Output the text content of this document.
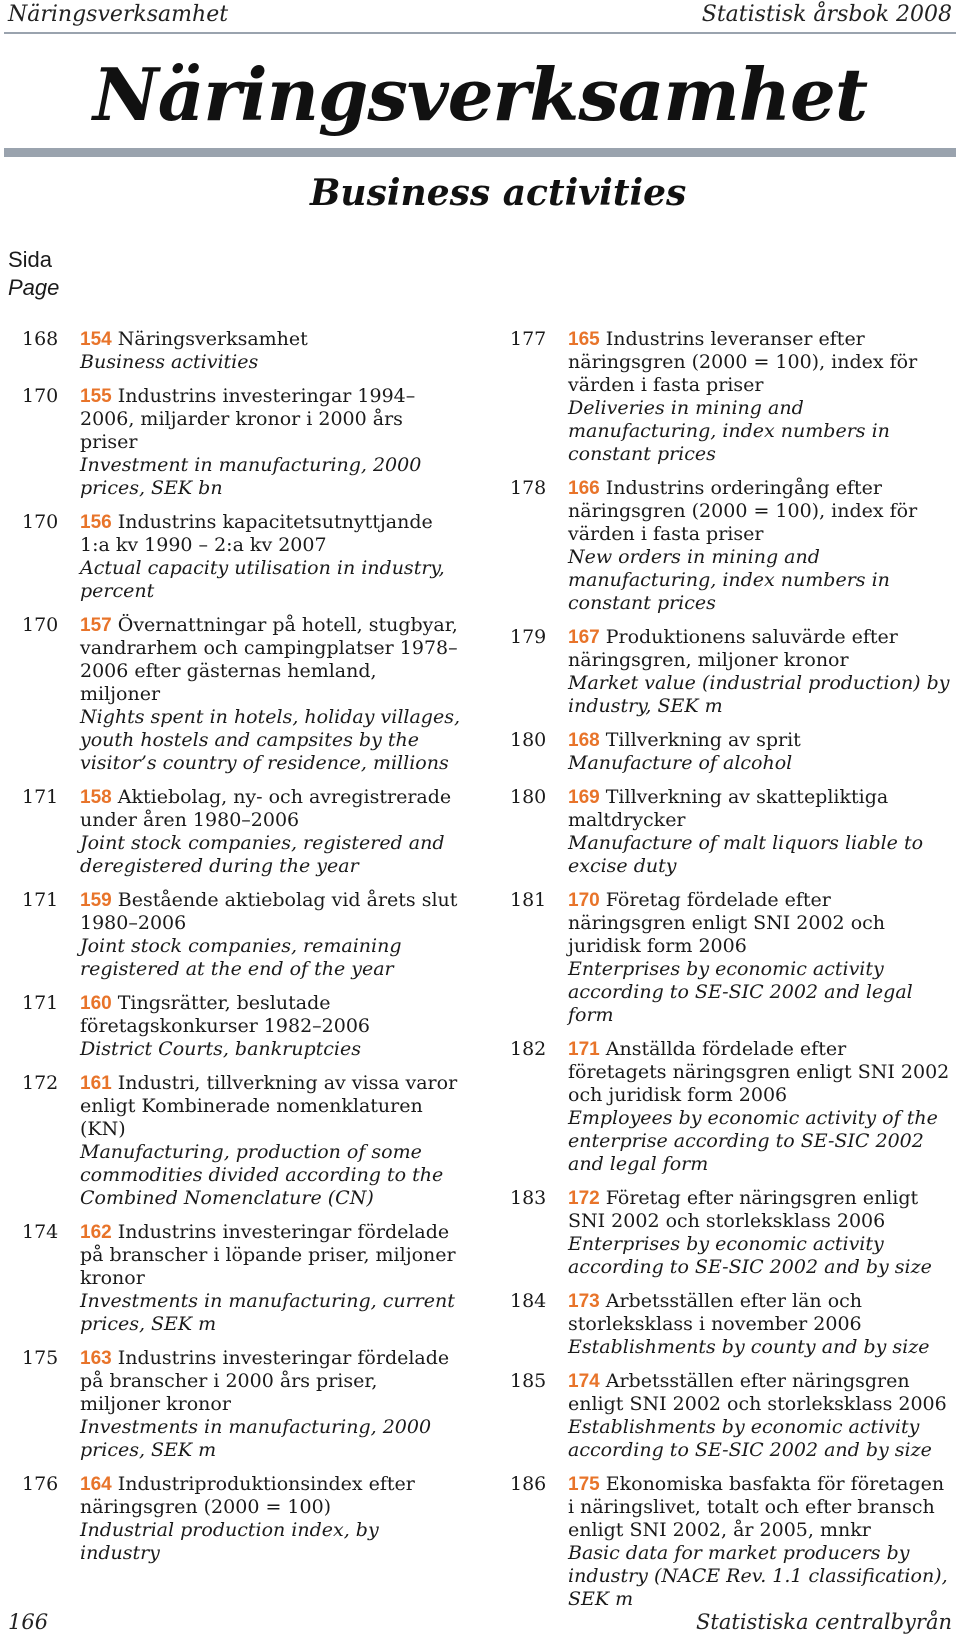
Näringsverksamhet	Statistisk årsbok 2008
Näringsverksamhet
Business activities
Sida
Page
168 154 Näringsverksamhet
Business activities
170 155 Industrins investeringar 1994–2006, miljarder kronor i 2000 års priser
Investment in manufacturing, 2000 prices, SEK bn
170 156 Industrins kapacitetsutnyttjande 1:a kv 1990 – 2:a kv 2007
Actual capacity utilisation in industry, percent
170 157 Övernattningar på hotell, stugbyar, vandrarhem och campingplatser 1978–2006 efter gästernas hemland, miljoner
Nights spent in hotels, holiday villages, youth hostels and campsites by the visitor’s country of residence, millions
171 158 Aktiebolag, ny- och avregistrerade under åren 1980–2006
Joint stock companies, registered and deregistered during the year
171 159 Bestående aktiebolag vid årets slut 1980–2006
Joint stock companies, remaining registered at the end of the year
171 160 Tingsrätter, beslutade företagskonkurser 1982–2006
District Courts, bankruptcies
172 161 Industri, tillverkning av vissa varor enligt Kombinerade nomenklaturen (KN)
Manufacturing, production of some commodities divided according to the Combined Nomenclature (CN)
174 162 Industrins investeringar fördelade på branscher i löpande priser, miljoner kronor
Investments in manufacturing, current prices, SEK m
175 163 Industrins investeringar fördelade på branscher i 2000 års priser, miljoner kronor
Investments in manufacturing, 2000 prices, SEK m
176 164 Industriproduktionsindex efter näringsgren (2000 = 100)
Industrial production index, by industry
177 165 Industrins leveranser efter näringsgren (2000 = 100), index för värden i fasta priser
Deliveries in mining and manufacturing, index numbers in constant prices
178 166 Industrins orderingång efter näringsgren (2000 = 100), index för värden i fasta priser
New orders in mining and manufacturing, index numbers in constant prices
179 167 Produktionens saluvärde efter näringsgren, miljoner kronor
Market value (industrial production) by industry, SEK m
180 168 Tillverkning av sprit
Manufacture of alcohol
180 169 Tillverkning av skattepliktiga maltdrycker
Manufacture of malt liquors liable to excise duty
181 170 Företag fördelade efter näringsgren enligt SNI 2002 och juridisk form 2006
Enterprises by economic activity according to SE-SIC 2002 and legal form
182 171 Anställda fördelade efter företagets näringsgren enligt SNI 2002 och juridisk form 2006
Employees by economic activity of the enterprise according to SE-SIC 2002 and legal form
183 172 Företag efter näringsgren enligt SNI 2002 och storleksklass 2006
Enterprises by economic activity according to SE-SIC 2002 and by size
184 173 Arbetsställen efter län och storleksklass i november 2006
Establishments by county and by size
185 174 Arbetsställen efter näringsgren enligt SNI 2002 och storleksklass 2006
Establishments by economic activity according to SE-SIC 2002 and by size
186 175 Ekonomiska basfakta för företagen i näringslivet, totalt och efter bransch enligt SNI 2002, år 2005, mnkr
Basic data for market producers by industry (NACE Rev. 1.1 classification), SEK m
166	Statistiska centralbyrån
